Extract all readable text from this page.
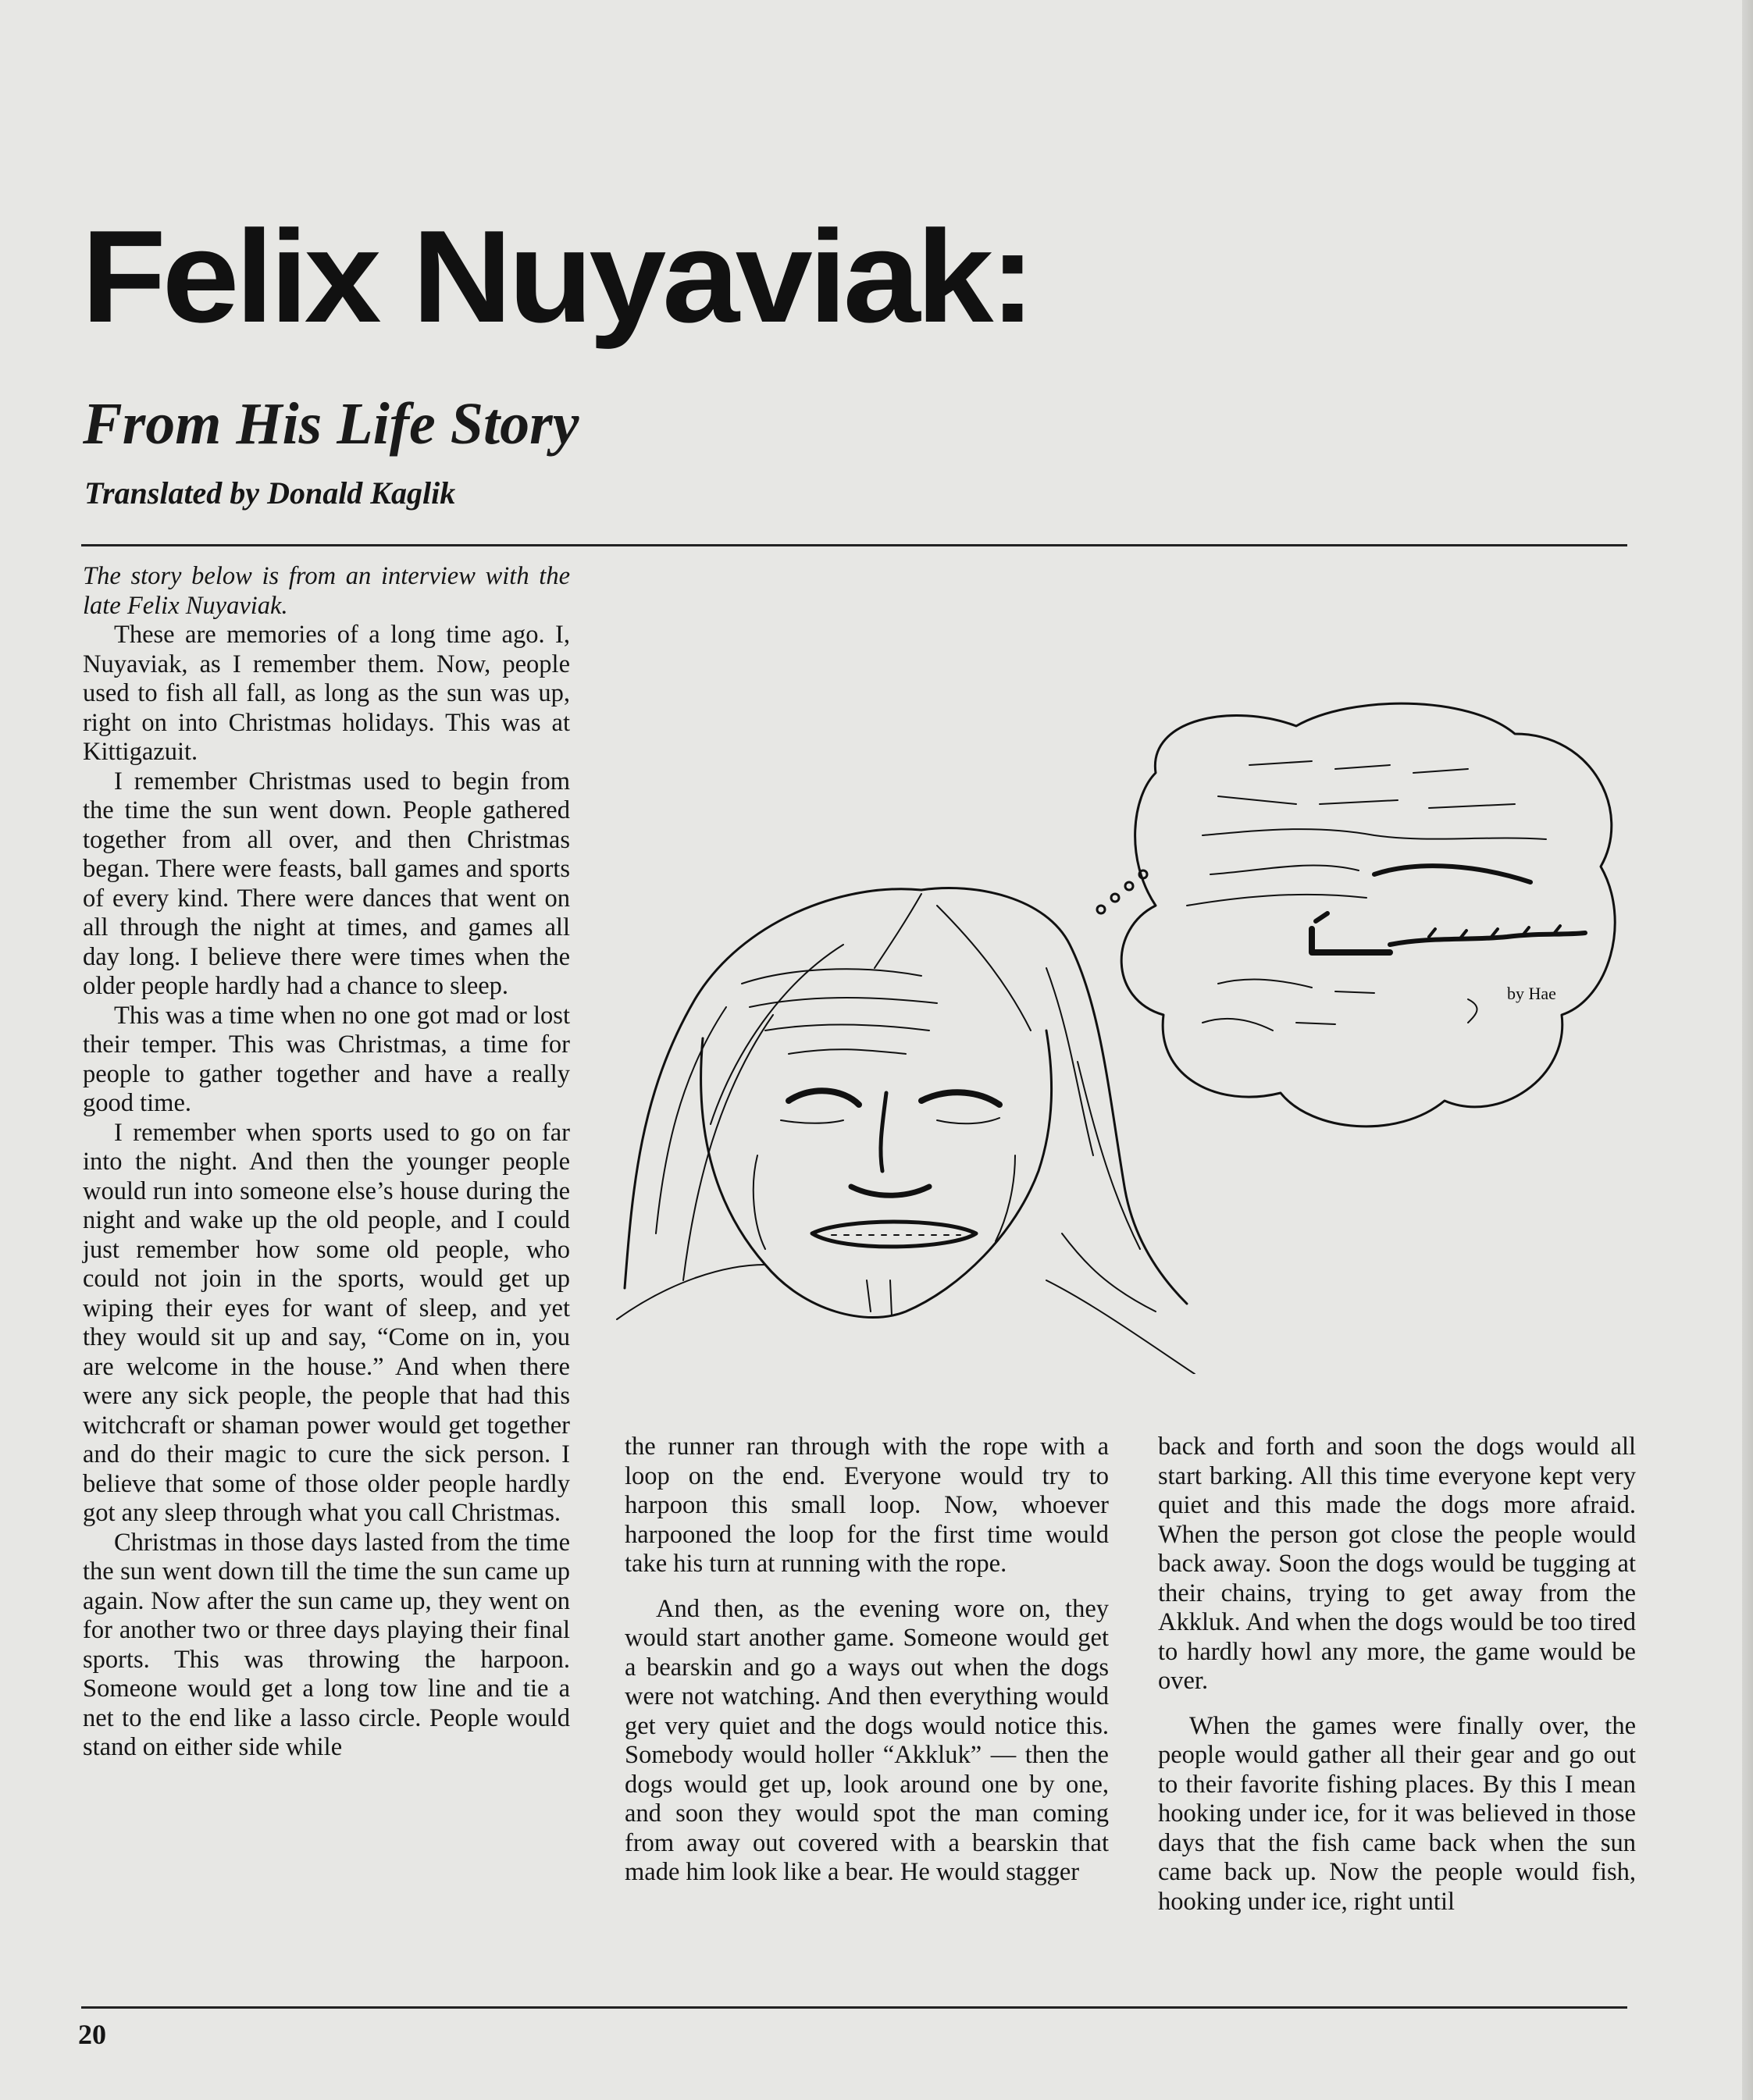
Felix Nuyaviak:
From His Life Story
Translated by Donald Kaglik

The story below is from an interview with the late Felix Nuyaviak.

These are memories of a long time ago. I, Nuyaviak, as I remember them. Now, people used to fish all fall, as long as the sun was up, right on into Christmas holidays. This was at Kittigazuit.

I remember Christmas used to begin from the time the sun went down. People gathered together from all over, and then Christmas began. There were feasts, ball games and sports of every kind. There were dances that went on all through the night at times, and games all day long. I believe there were times when the older people hardly had a chance to sleep.

This was a time when no one got mad or lost their temper. This was Christmas, a time for people to gather together and have a really good time.

I remember when sports used to go on far into the night. And then the younger people would run into someone else’s house during the night and wake up the old people, and I could just remember how some old people, who could not join in the sports, would get up wiping their eyes for want of sleep, and yet they would sit up and say, “Come on in, you are welcome in the house.” And when there were any sick people, the people that had this witchcraft or shaman power would get together and do their magic to cure the sick person. I believe that some of those older people hardly got any sleep through what you call Christmas.

Christmas in those days lasted from the time the sun went down till the time the sun came up again. Now after the sun came up, they went on for another two or three days playing their final sports. This was throwing the harpoon. Someone would get a long tow line and tie a net to the end like a lasso circle. People would stand on either side while

by Hae

the runner ran through with the rope with a loop on the end. Everyone would try to harpoon this small loop. Now, whoever harpooned the loop for the first time would take his turn at running with the rope.

And then, as the evening wore on, they would start another game. Someone would get a bearskin and go a ways out when the dogs were not watching. And then everything would get very quiet and the dogs would notice this. Somebody would holler “Akkluk” — then the dogs would get up, look around one by one, and soon they would spot the man coming from away out covered with a bearskin that made him look like a bear. He would stagger

back and forth and soon the dogs would all start barking. All this time everyone kept very quiet and this made the dogs more afraid. When the person got close the people would back away. Soon the dogs would be tugging at their chains, trying to get away from the Akkluk. And when the dogs would be too tired to hardly howl any more, the game would be over.

When the games were finally over, the people would gather all their gear and go out to their favorite fishing places. By this I mean hooking under ice, for it was believed in those days that the fish came back when the sun came back up. Now the people would fish, hooking under ice, right until

20
